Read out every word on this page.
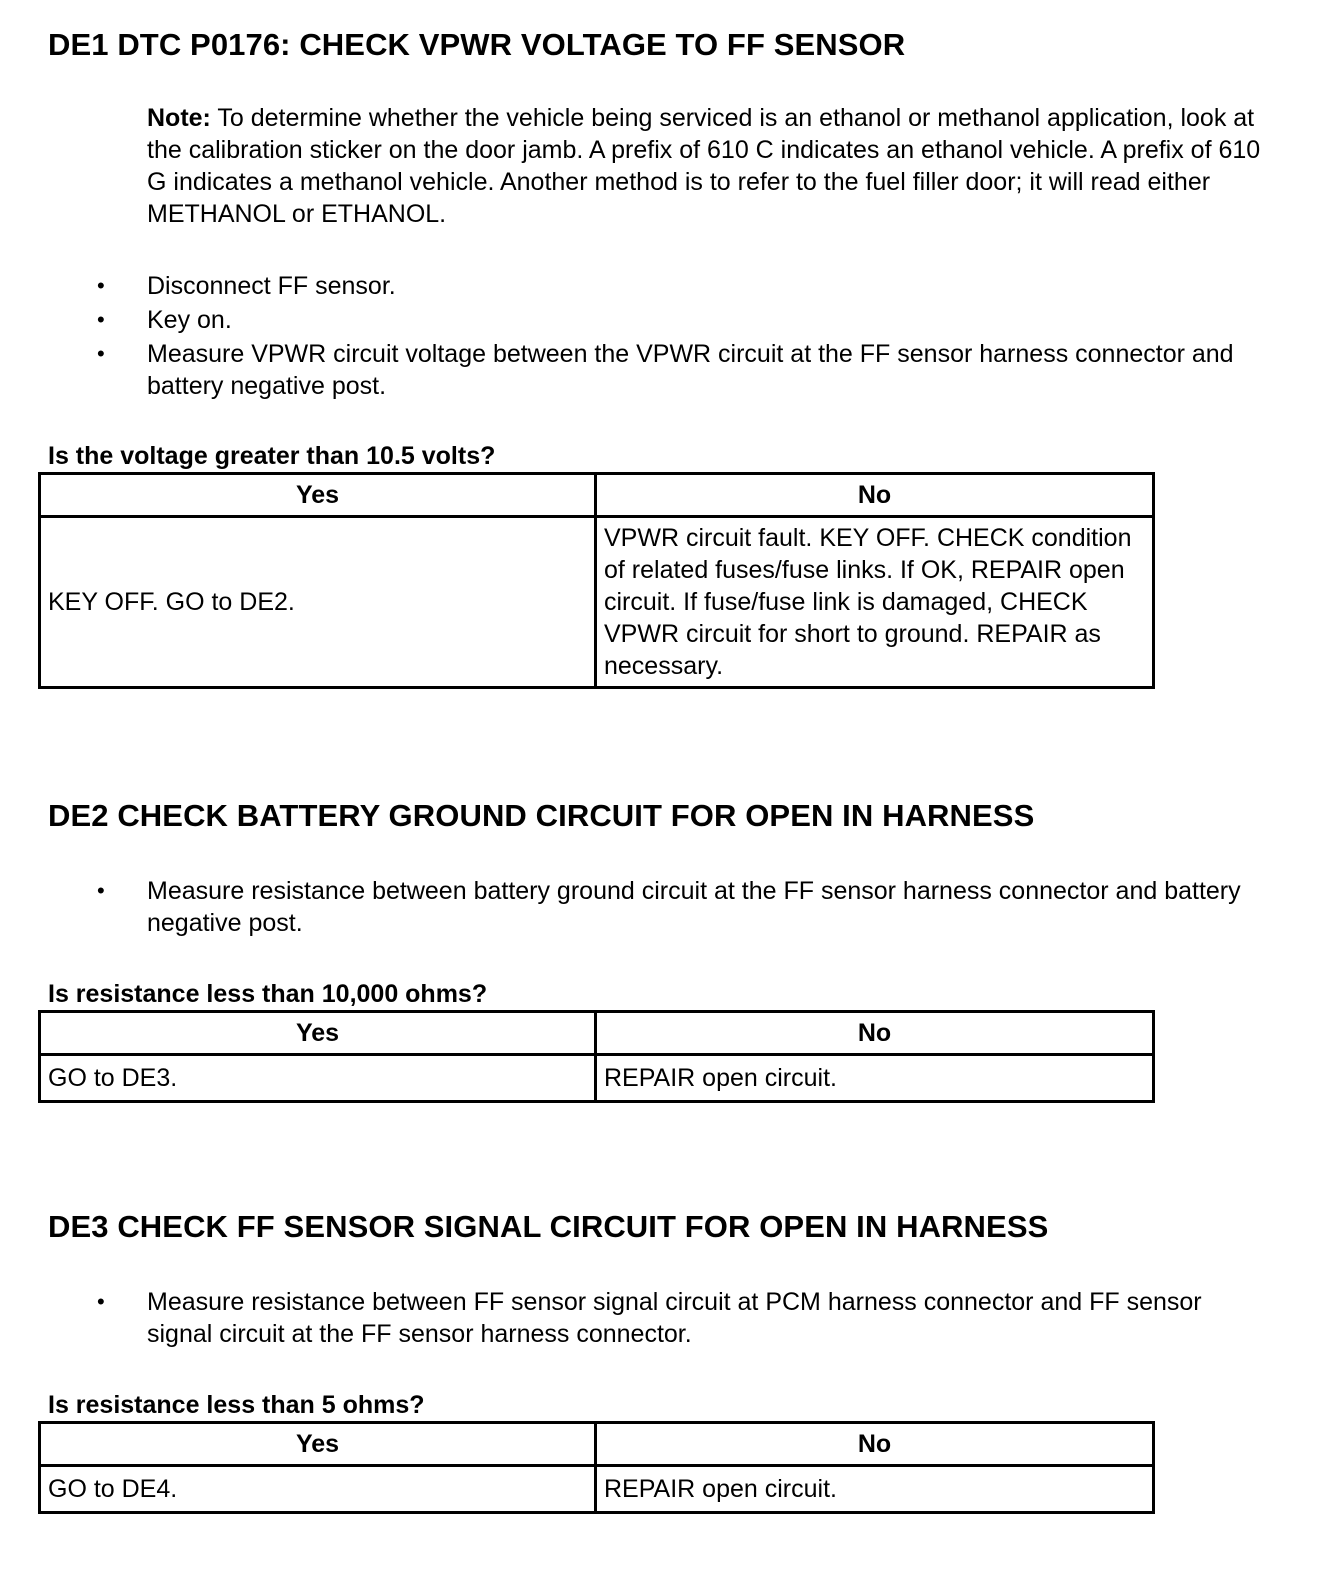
DE1 DTC P0176: CHECK VPWR VOLTAGE TO FF SENSOR
Note: To determine whether the vehicle being serviced is an ethanol or methanol application, look at the calibration sticker on the door jamb. A prefix of 610 C indicates an ethanol vehicle. A prefix of 610 G indicates a methanol vehicle. Another method is to refer to the fuel filler door; it will read either METHANOL or ETHANOL.
• Disconnect FF sensor.
• Key on.
• Measure VPWR circuit voltage between the VPWR circuit at the FF sensor harness connector and battery negative post.
Is the voltage greater than 10.5 volts?
Yes	No
KEY OFF. GO to DE2.	VPWR circuit fault. KEY OFF. CHECK condition of related fuses/fuse links. If OK, REPAIR open circuit. If fuse/fuse link is damaged, CHECK VPWR circuit for short to ground. REPAIR as necessary.
DE2 CHECK BATTERY GROUND CIRCUIT FOR OPEN IN HARNESS
• Measure resistance between battery ground circuit at the FF sensor harness connector and battery negative post.
Is resistance less than 10,000 ohms?
Yes	No
GO to DE3.	REPAIR open circuit.
DE3 CHECK FF SENSOR SIGNAL CIRCUIT FOR OPEN IN HARNESS
• Measure resistance between FF sensor signal circuit at PCM harness connector and FF sensor signal circuit at the FF sensor harness connector.
Is resistance less than 5 ohms?
Yes	No
GO to DE4.	REPAIR open circuit.
